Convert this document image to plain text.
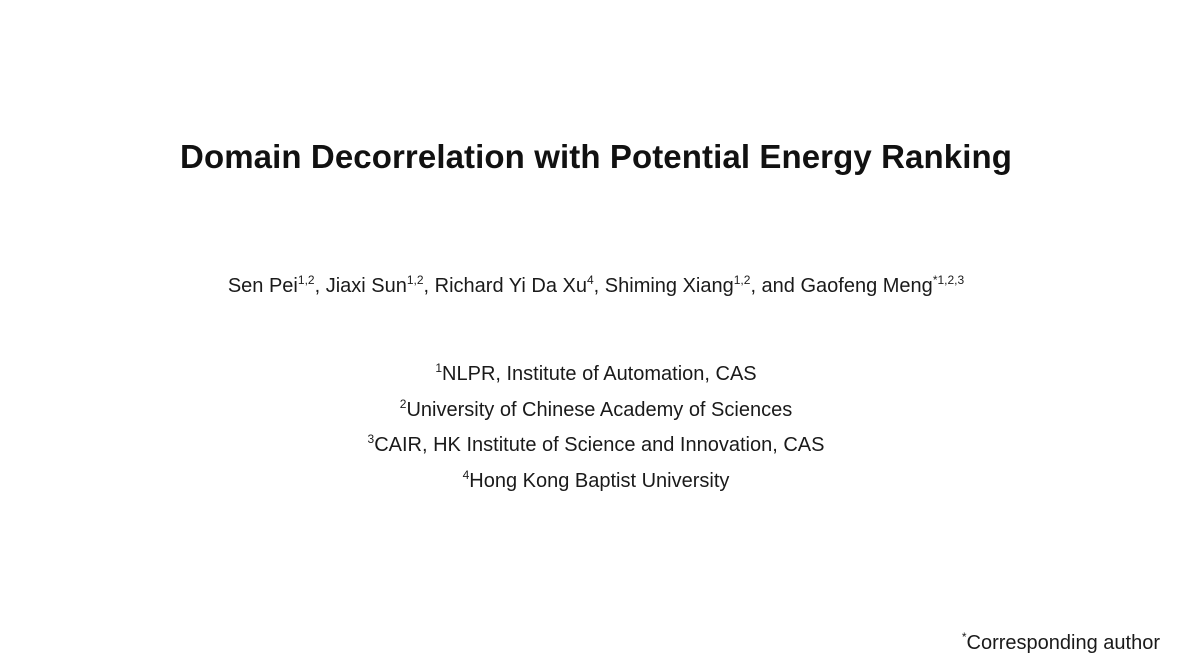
Domain Decorrelation with Potential Energy Ranking
Sen Pei$^{1,2}$, Jiaxi Sun$^{1,2}$, Richard Yi Da Xu$^4$, Shiming Xiang$^{1,2}$, and Gaofeng Meng$^{*1,2,3}$
$^1$NLPR, Institute of Automation, CAS
$^2$University of Chinese Academy of Sciences
$^3$CAIR, HK Institute of Science and Innovation, CAS
$^4$Hong Kong Baptist University
*Corresponding author
